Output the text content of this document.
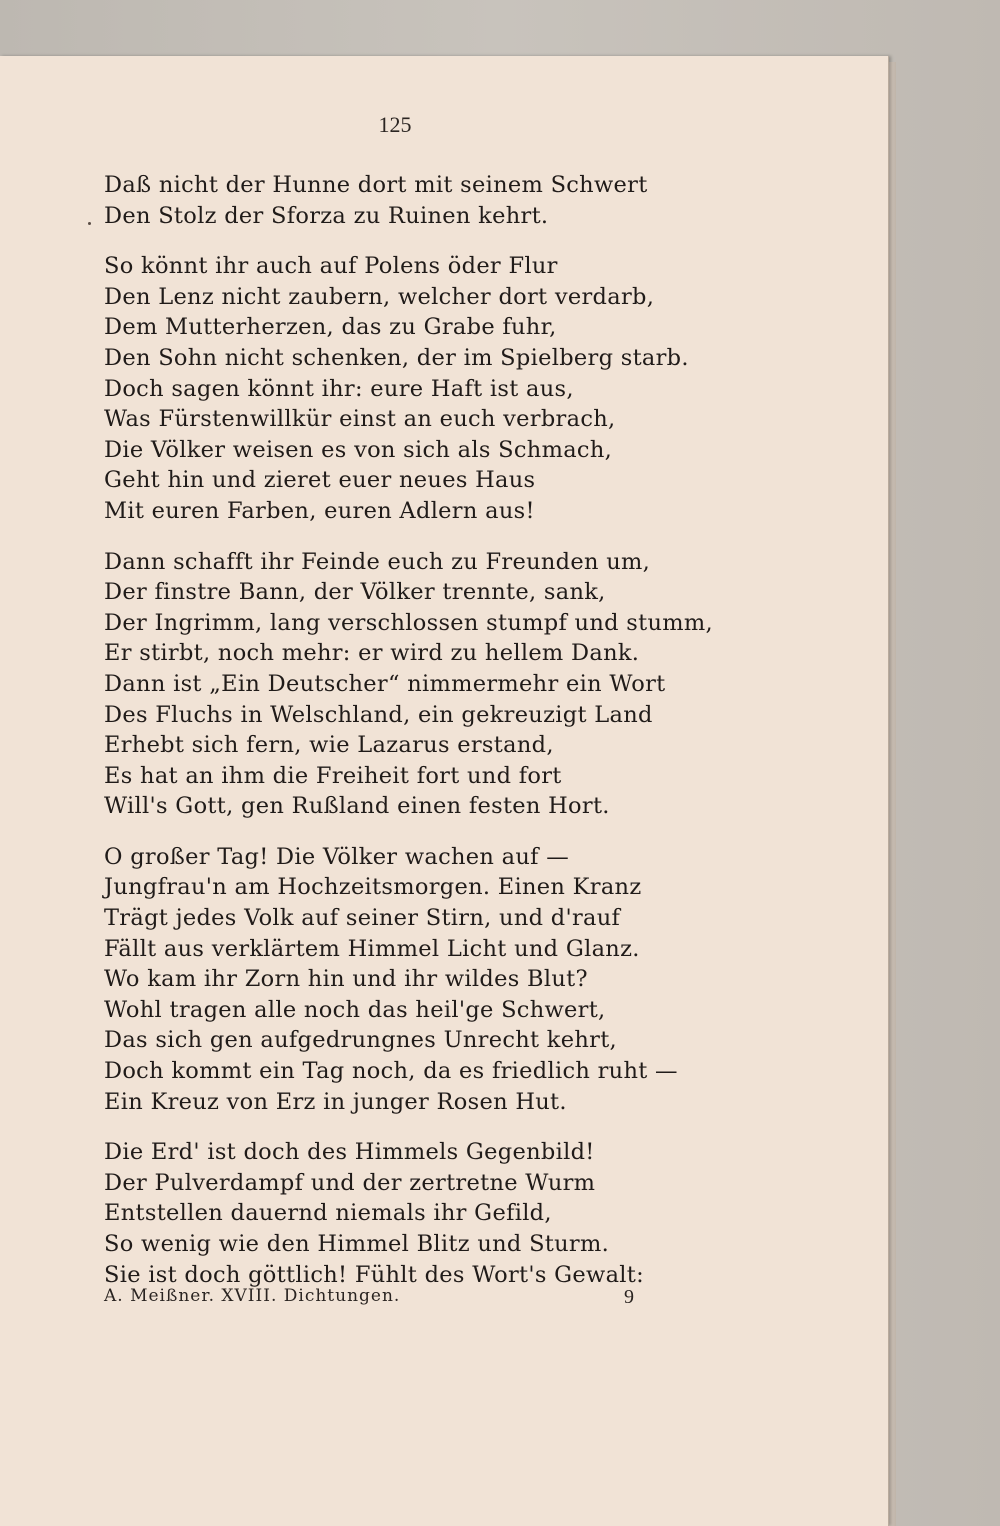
125
Daß nicht der Hunne dort mit seinem Schwert
Den Stolz der Sforza zu Ruinen kehrt.
So könnt ihr auch auf Polens öder Flur
Den Lenz nicht zaubern, welcher dort verdarb,
Dem Mutterherzen, das zu Grabe fuhr,
Den Sohn nicht schenken, der im Spielberg starb.
Doch sagen könnt ihr: eure Haft ist aus,
Was Fürstenwillkür einst an euch verbrach,
Die Völker weisen es von sich als Schmach,
Geht hin und zieret euer neues Haus
Mit euren Farben, euren Adlern aus!
Dann schafft ihr Feinde euch zu Freunden um,
Der finstre Bann, der Völker trennte, sank,
Der Ingrimm, lang verschlossen stumpf und stumm,
Er stirbt, noch mehr: er wird zu hellem Dank.
Dann ist „Ein Deutscher“ nimmermehr ein Wort
Des Fluchs in Welschland, ein gekreuzigt Land
Erhebt sich fern, wie Lazarus erstand,
Es hat an ihm die Freiheit fort und fort
Will's Gott, gen Rußland einen festen Hort.
O großer Tag! Die Völker wachen auf —
Jungfrau'n am Hochzeitsmorgen. Einen Kranz
Trägt jedes Volk auf seiner Stirn, und d'rauf
Fällt aus verklärtem Himmel Licht und Glanz.
Wo kam ihr Zorn hin und ihr wildes Blut?
Wohl tragen alle noch das heil'ge Schwert,
Das sich gen aufgedrungnes Unrecht kehrt,
Doch kommt ein Tag noch, da es friedlich ruht —
Ein Kreuz von Erz in junger Rosen Hut.
Die Erd' ist doch des Himmels Gegenbild!
Der Pulverdampf und der zertretne Wurm
Entstellen dauernd niemals ihr Gefild,
So wenig wie den Himmel Blitz und Sturm.
Sie ist doch göttlich! Fühlt des Wort's Gewalt:
A. Meißner. XVIII. Dichtungen.	9
